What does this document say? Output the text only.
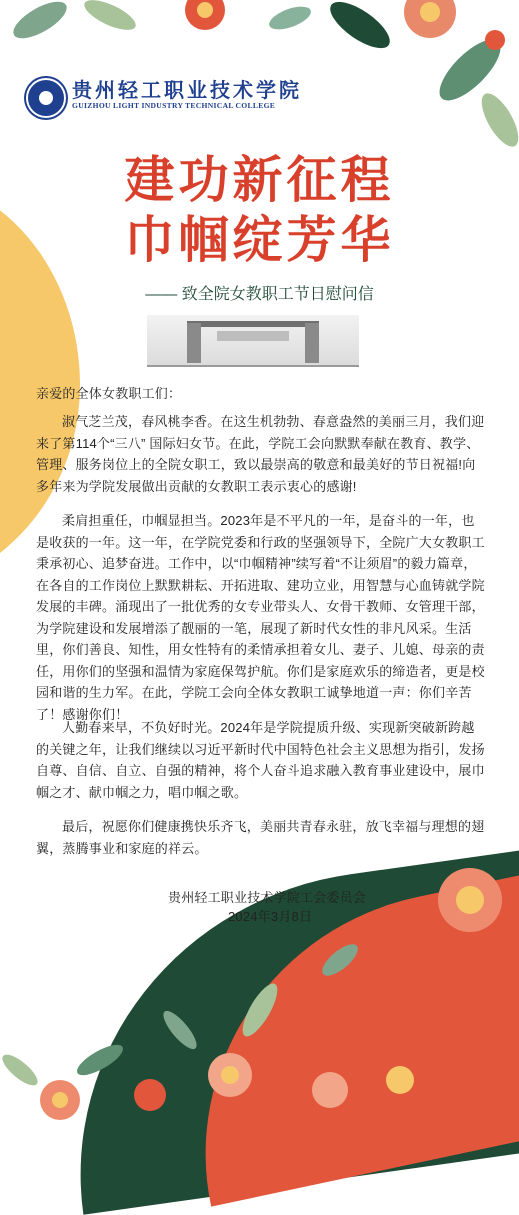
贵州轻工职业技术学院
GUIZHOU LIGHT INDUSTRY TECHNICAL COLLEGE
建功新征程
巾帼绽芳华
—— 致全院女教职工节日慰问信
亲爱的全体女教职工们：
淑气芝兰茂，春风桃李香。在这生机勃勃、春意盎然的美丽三月，我们迎来了第114个“三八” 国际妇女节。在此，学院工会向默默奉献在教育、教学、管理、服务岗位上的全院女职工，致以最崇高的敬意和最美好的节日祝福!向多年来为学院发展做出贡献的女教职工表示衷心的感谢!
柔肩担重任，巾帼显担当。2023年是不平凡的一年，是奋斗的一年，也是收获的一年。这一年，在学院党委和行政的坚强领导下，全院广大女教职工秉承初心、追梦奋进。工作中，以“巾帼精神”续写着“不让须眉”的毅力篇章，在各自的工作岗位上默默耕耘、开拓进取、建功立业，用智慧与心血铸就学院发展的丰碑。涌现出了一批优秀的女专业带头人、女骨干教师、女管理干部，为学院建设和发展增添了靓丽的一笔，展现了新时代女性的非凡风采。生活里，你们善良、知性，用女性特有的柔情承担着女儿、妻子、儿媳、母亲的责任，用你们的坚强和温情为家庭保驾护航。你们是家庭欢乐的缔造者，更是校园和谐的生力军。在此，学院工会向全体女教职工诚挚地道一声：你们辛苦了！感谢你们！
人勤春来早，不负好时光。2024年是学院提质升级、实现新突破新跨越的关键之年，让我们继续以习近平新时代中国特色社会主义思想为指引，发扬自尊、自信、自立、自强的精神，将个人奋斗追求融入教育事业建设中，展巾帼之才、献巾帼之力，唱巾帼之歌。
最后，祝愿你们健康携快乐齐飞，美丽共青春永驻，放飞幸福与理想的翅翼，蒸腾事业和家庭的祥云。
贵州轻工职业技术学院工会委员会
2024年3月8日
